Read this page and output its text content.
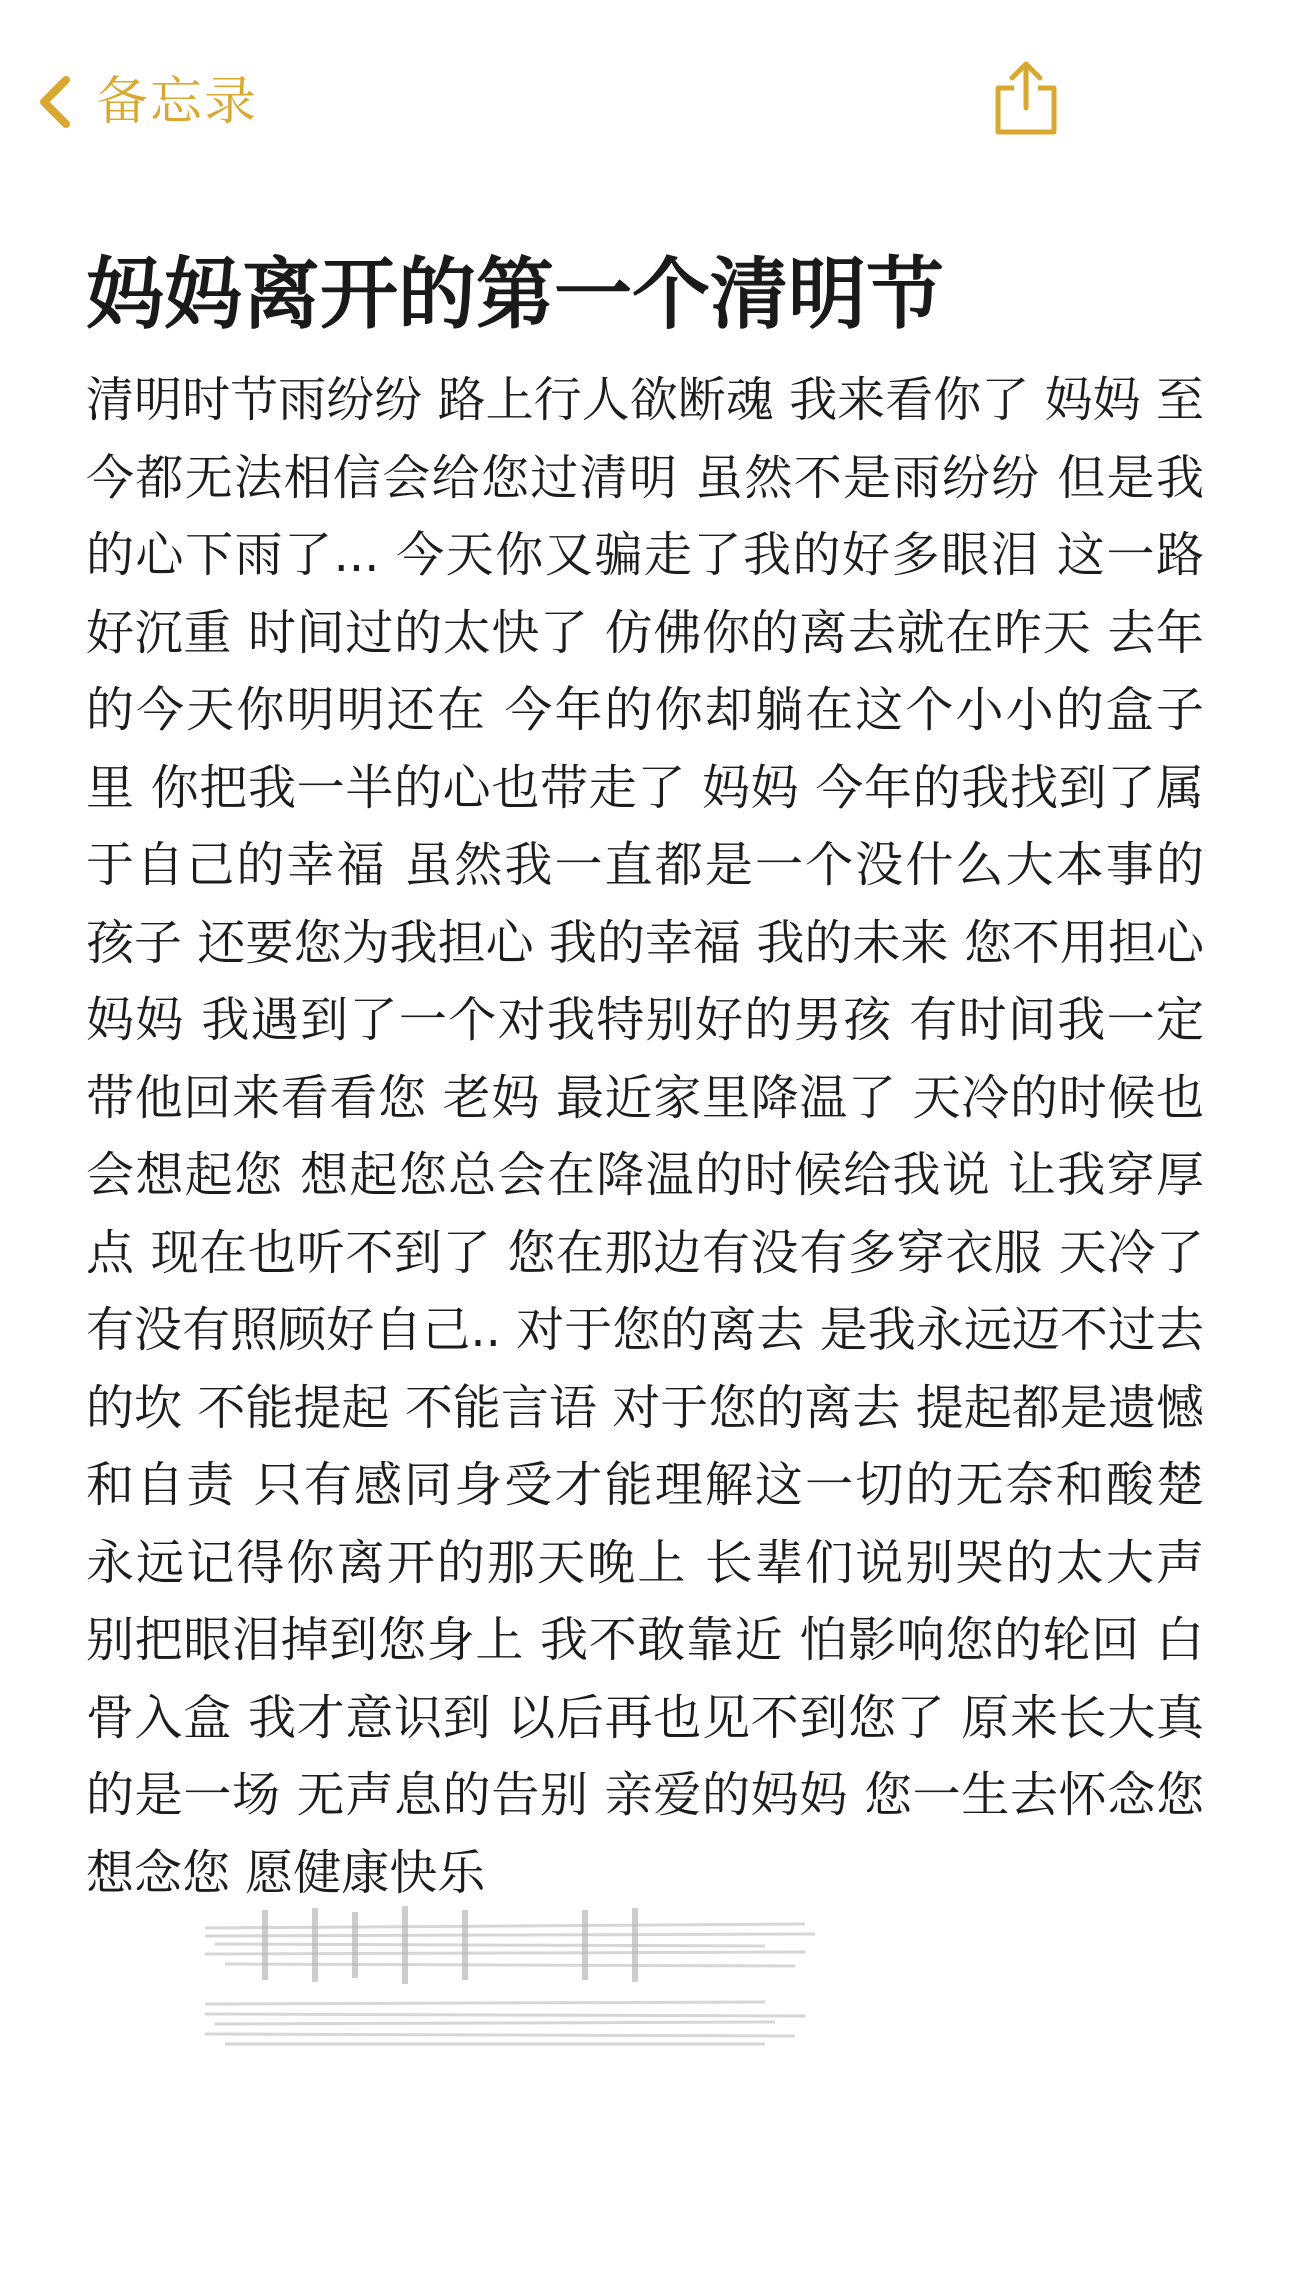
备忘录
妈妈离开的第一个清明节

清明时节雨纷纷 路上行人欲断魂 我来看你了 妈妈 至今都无法相信会给您过清明 虽然不是雨纷纷 但是我的心下雨了... 今天你又骗走了我的好多眼泪 这一路好沉重 时间过的太快了 仿佛你的离去就在昨天 去年的今天你明明还在 今年的你却躺在这个小小的盒子里 你把我一半的心也带走了 妈妈 今年的我找到了属于自己的幸福 虽然我一直都是一个没什么大本事的孩子 还要您为我担心 我的幸福 我的未来 您不用担心 妈妈 我遇到了一个对我特别好的男孩 有时间我一定带他回来看看您 老妈 最近家里降温了 天冷的时候也会想起您 想起您总会在降温的时候给我说 让我穿厚点 现在也听不到了 您在那边有没有多穿衣服 天冷了 有没有照顾好自己.. 对于您的离去 是我永远迈不过去的坎 不能提起 不能言语 对于您的离去 提起都是遗憾和自责 只有感同身受才能理解这一切的无奈和酸楚 永远记得你离开的那天晚上 长辈们说别哭的太大声 别把眼泪掉到您身上 我不敢靠近 怕影响您的轮回 白骨入盒 我才意识到 以后再也见不到您了 原来长大真的是一场 无声息的告别 亲爱的妈妈 您一生去怀念您 想念您 愿健康快乐
